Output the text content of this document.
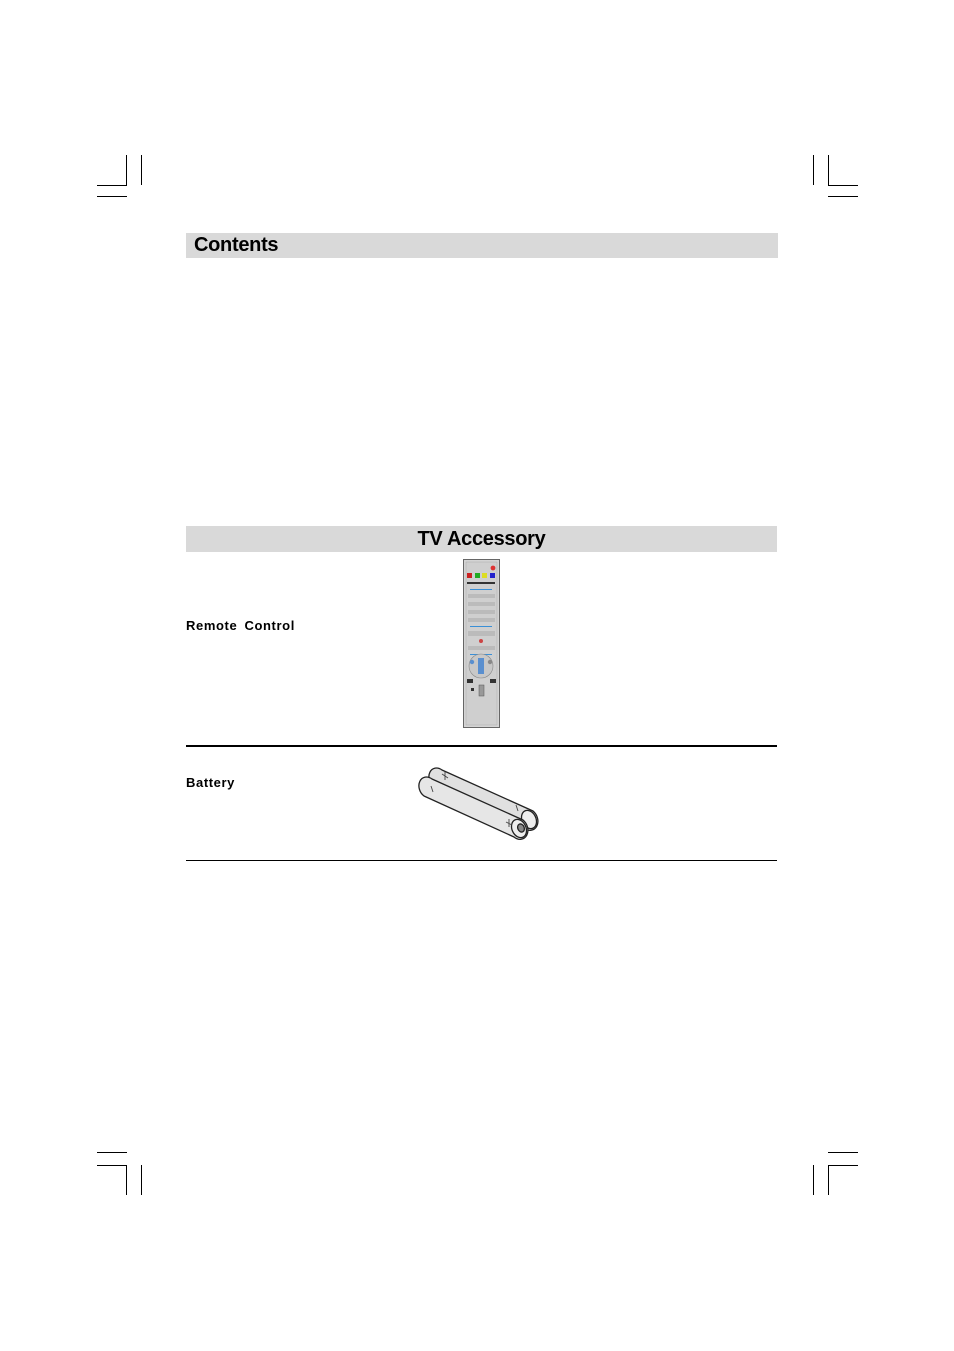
Contents
TV Accessory
Remote Control
Battery
